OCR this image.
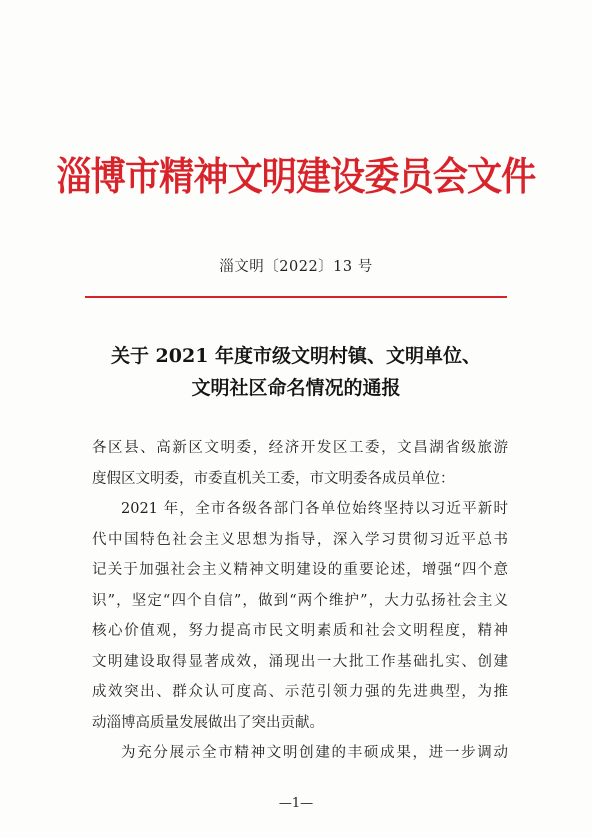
淄博市精神文明建设委员会文件
淄文明〔2022〕13 号
关于 2021 年度市级文明村镇、文明单位、
文明社区命名情况的通报
各区县、高新区文明委，经济开发区工委，文昌湖省级旅游
度假区文明委，市委直机关工委，市文明委各成员单位：
2021 年，全市各级各部门各单位始终坚持以习近平新时
代中国特色社会主义思想为指导，深入学习贯彻习近平总书
记关于加强社会主义精神文明建设的重要论述，增强“四个意
识”，坚定“四个自信”，做到“两个维护”，大力弘扬社会主义
核心价值观，努力提高市民文明素质和社会文明程度，精神
文明建设取得显著成效，涌现出一大批工作基础扎实、创建
成效突出、群众认可度高、示范引领力强的先进典型，为推
动淄博高质量发展做出了突出贡献。
为充分展示全市精神文明创建的丰硕成果，进一步调动
—1—
